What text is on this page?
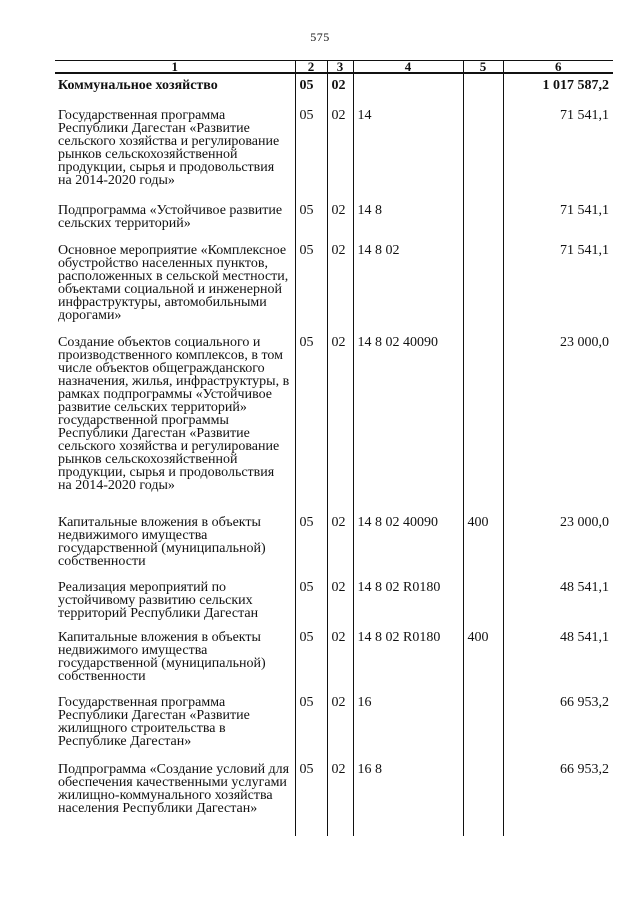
575
1	2	3	4	5	6
Коммунальное хозяйство	05	02			1 017 587,2
Государственная программа Республики Дагестан «Развитие сельского хозяйства и регулирование рынков сельскохозяйственной продукции, сырья и продовольствия на 2014-2020 годы»	05	02	14		71 541,1
Подпрограмма «Устойчивое развитие сельских территорий»	05	02	14 8		71 541,1
Основное мероприятие «Комплексное обустройство населенных пунктов, расположенных в сельской местности, объектами социальной и инженерной инфраструктуры, автомобильными дорогами»	05	02	14 8 02		71 541,1
Создание объектов социального и производственного комплексов, в том числе объектов общегражданского назначения, жилья, инфраструктуры, в рамках подпрограммы «Устойчивое развитие сельских территорий» государственной программы Республики Дагестан «Развитие сельского хозяйства и регулирование рынков сельскохозяйственной продукции, сырья и продовольствия на 2014-2020 годы»	05	02	14 8 02 40090		23 000,0
Капитальные вложения в объекты недвижимого имущества государственной (муниципальной) собственности	05	02	14 8 02 40090	400	23 000,0
Реализация мероприятий по устойчивому развитию сельских территорий Республики Дагестан	05	02	14 8 02 R0180		48 541,1
Капитальные вложения в объекты недвижимого имущества государственной (муниципальной) собственности	05	02	14 8 02 R0180	400	48 541,1
Государственная программа Республики Дагестан «Развитие жилищного строительства в Республике Дагестан»	05	02	16		66 953,2
Подпрограмма «Создание условий для обеспечения качественными услугами жилищно-коммунального хозяйства населения Республики Дагестан»	05	02	16 8		66 953,2
